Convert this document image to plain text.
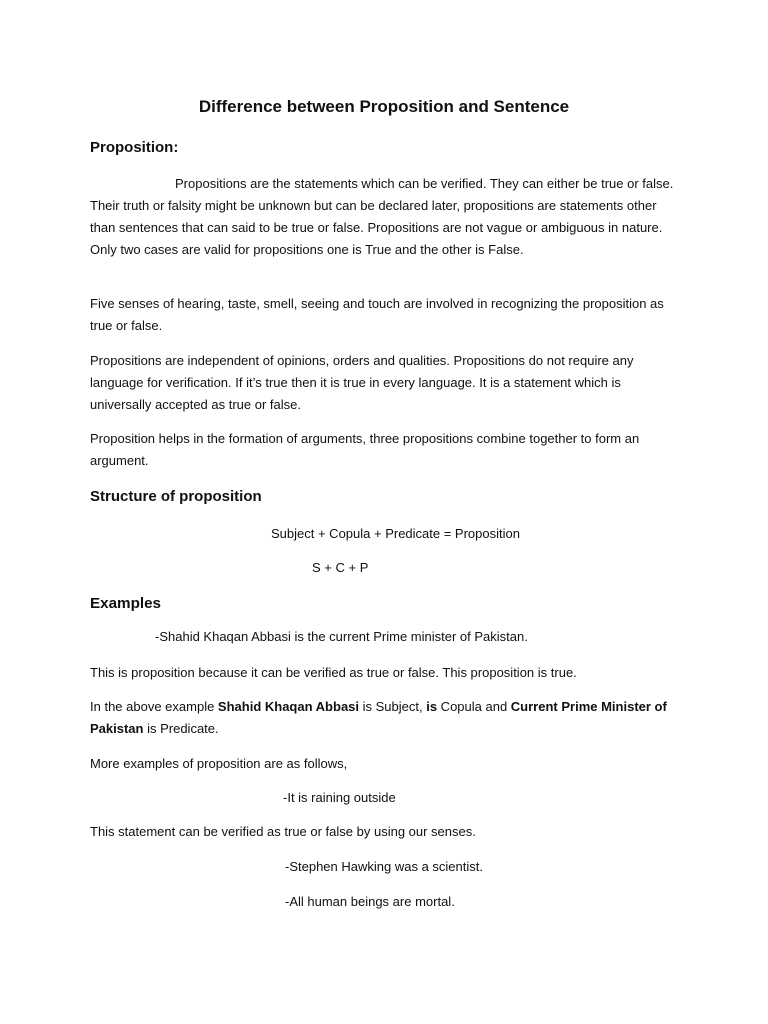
Difference between Proposition and Sentence
Proposition:

Propositions are the statements which can be verified. They can either be true or false. Their truth or falsity might be unknown but can be declared later, propositions are statements other than sentences that can said to be true or false. Propositions are not vague or ambiguous in nature. Only two cases are valid for propositions one is True and the other is False.

Five senses of hearing, taste, smell, seeing and touch are involved in recognizing the proposition as true or false.

Propositions are independent of opinions, orders and qualities. Propositions do not require any language for verification. If it’s true then it is true in every language. It is a statement which is universally accepted as true or false.

Proposition helps in the formation of arguments, three propositions combine together to form an argument.

Structure of proposition

Subject + Copula + Predicate = Proposition

S + C + P

Examples

-Shahid Khaqan Abbasi is the current Prime minister of Pakistan.

This is proposition because it can be verified as true or false. This proposition is true.

In the above example Shahid Khaqan Abbasi is Subject, is Copula and Current Prime Minister of Pakistan is Predicate.

More examples of proposition are as follows,

-It is raining outside

This statement can be verified as true or false by using our senses.

-Stephen Hawking was a scientist.

-All human beings are mortal.
